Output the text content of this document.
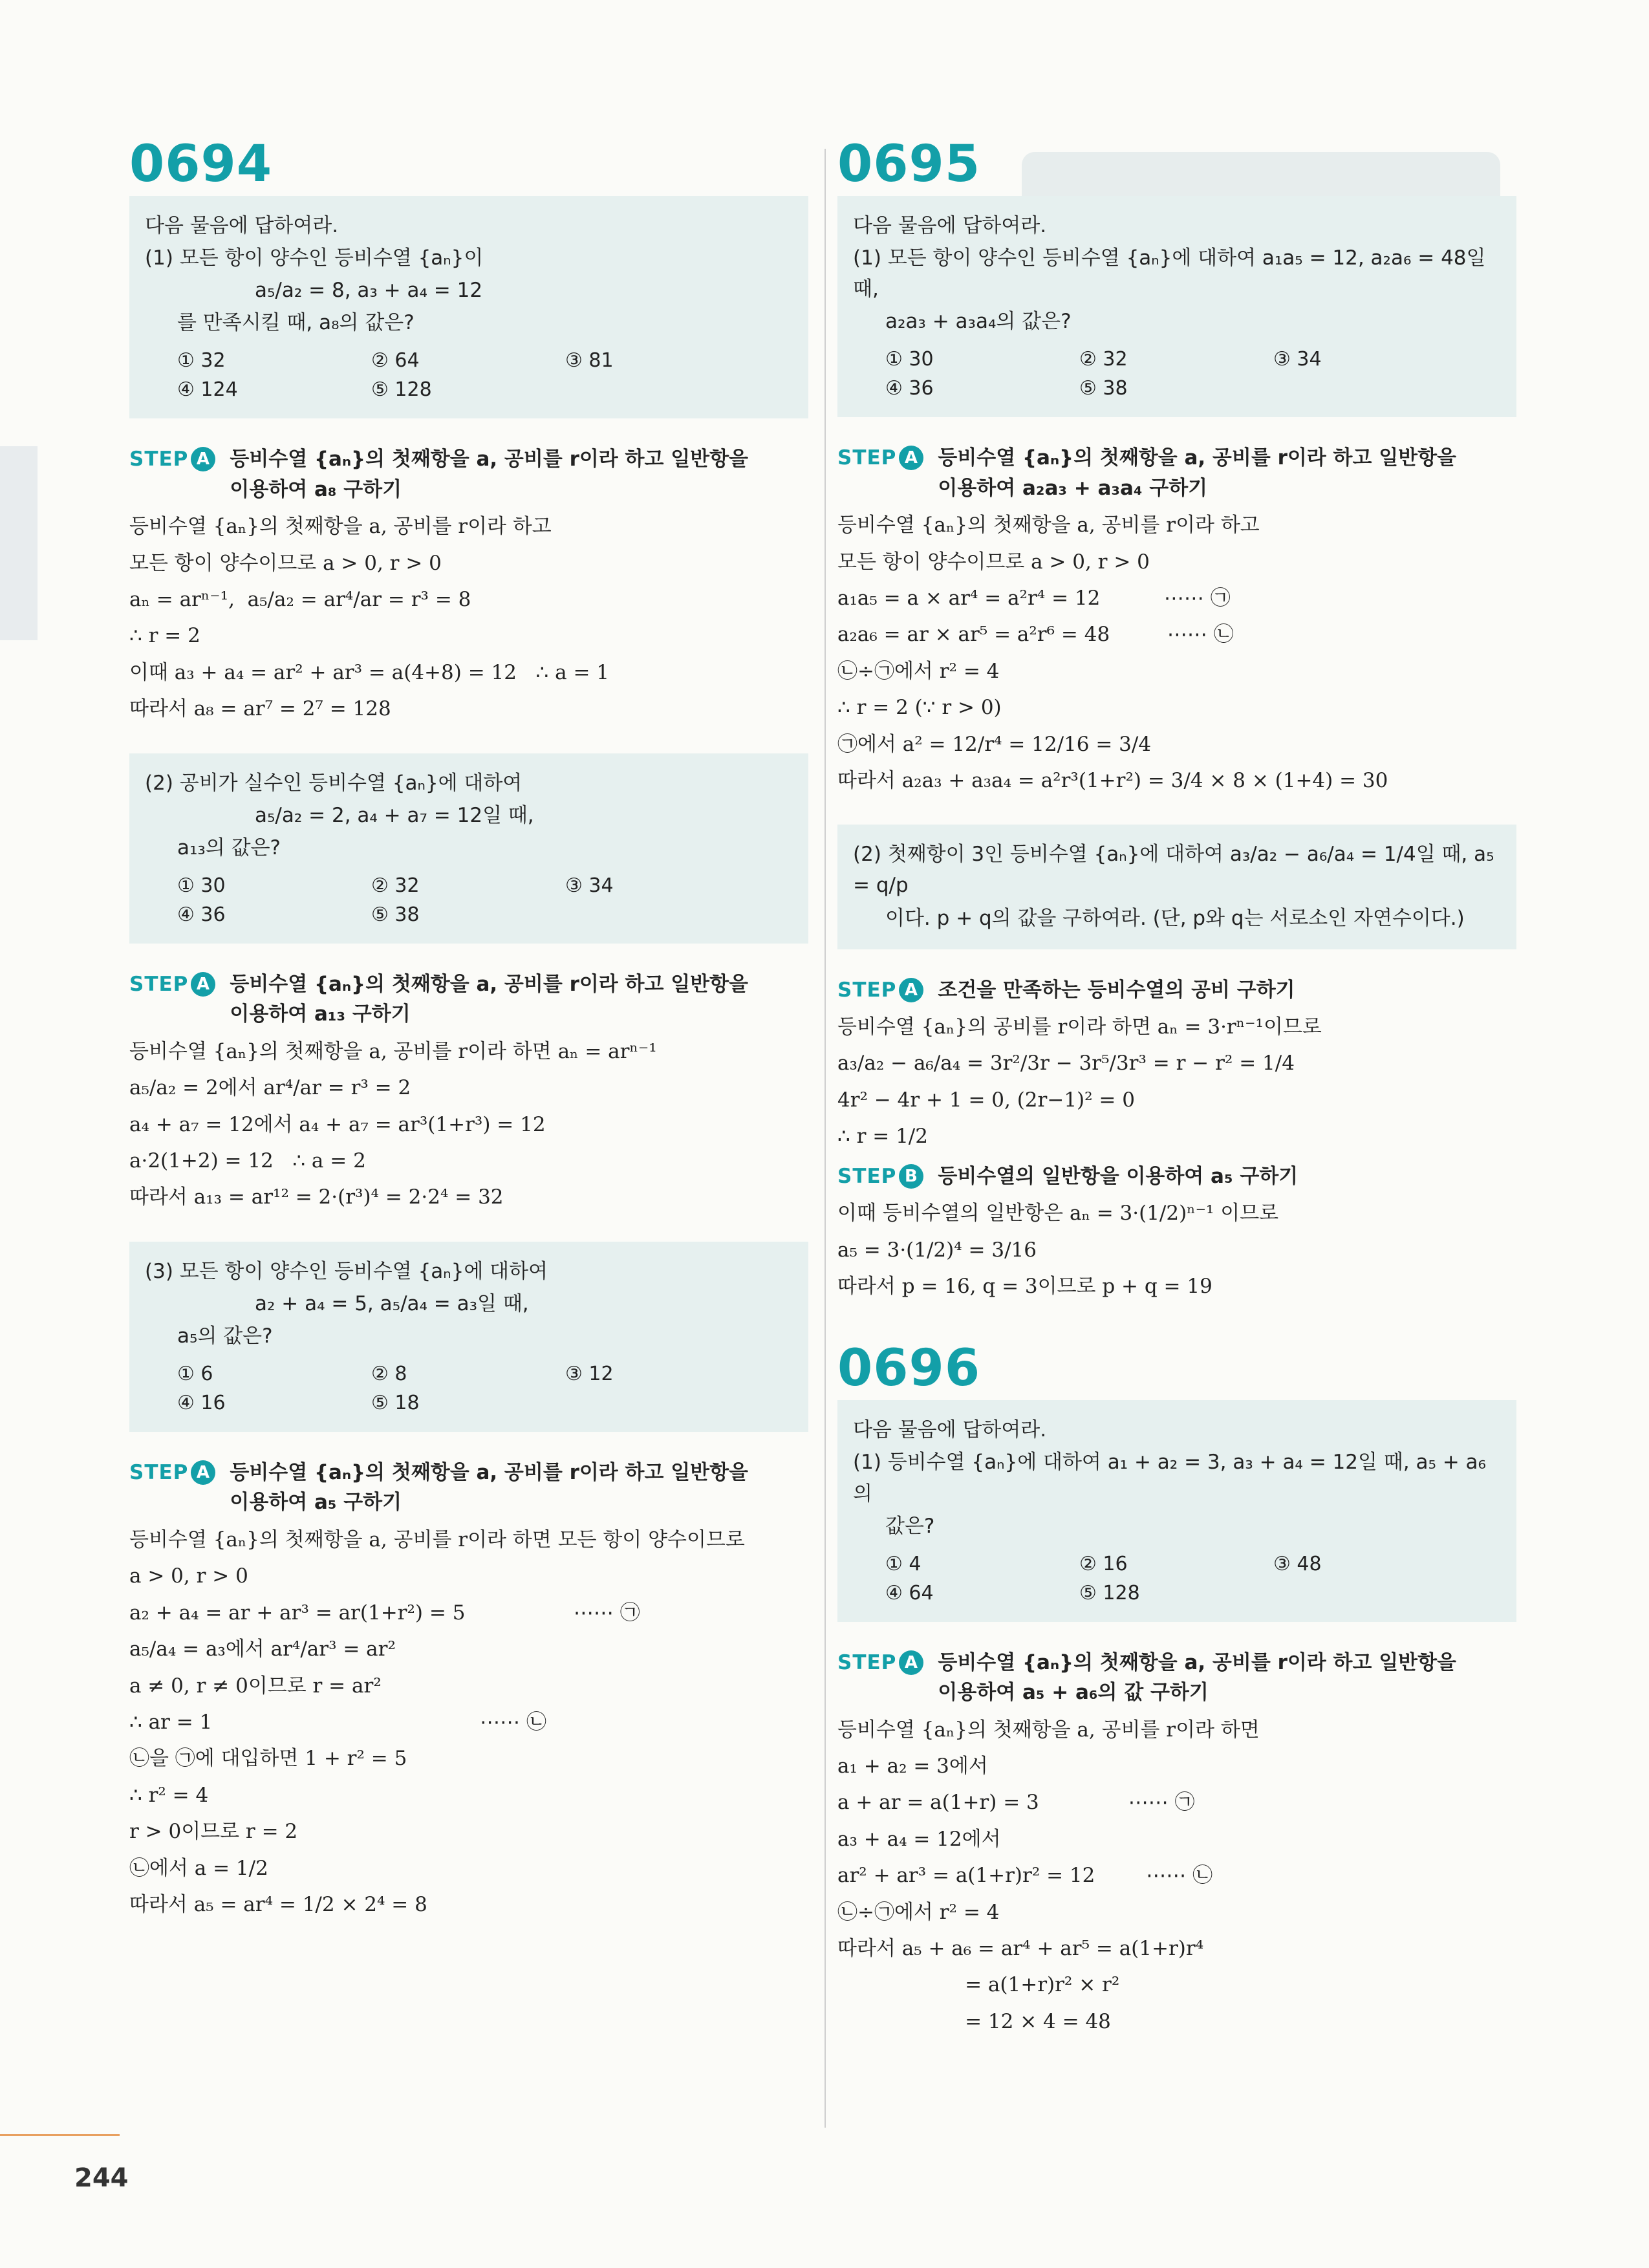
0694
다음 물음에 답하여라.
(1) 모든 항이 양수인 등비수열 {aₙ}이
a₅/a₂ = 8, a₃ + a₄ = 12
를 만족시킬 때, a₈의 값은?
① 32	② 64	③ 81
④ 124	⑤ 128
STEP A 등비수열 {aₙ}의 첫째항을 a, 공비를 r이라 하고 일반항을
이용하여 a₈ 구하기

등비수열 {aₙ}의 첫째항을 a, 공비를 r이라 하고

모든 항이 양수이므로 a > 0, r > 0

aₙ = arⁿ⁻¹,  a₅/a₂ = ar⁴/ar = r³ = 8

∴ r = 2

이때 a₃ + a₄ = ar² + ar³ = a(4+8) = 12   ∴ a = 1

따라서 a₈ = ar⁷ = 2⁷ = 128

(2) 공비가 실수인 등비수열 {aₙ}에 대하여
a₅/a₂ = 2, a₄ + a₇ = 12일 때,
a₁₃의 값은?
① 30	② 32	③ 34
④ 36	⑤ 38
STEP A 등비수열 {aₙ}의 첫째항을 a, 공비를 r이라 하고 일반항을
이용하여 a₁₃ 구하기

등비수열 {aₙ}의 첫째항을 a, 공비를 r이라 하면 aₙ = arⁿ⁻¹

a₅/a₂ = 2에서 ar⁴/ar = r³ = 2

a₄ + a₇ = 12에서 a₄ + a₇ = ar³(1+r³) = 12

a·2(1+2) = 12   ∴ a = 2

따라서 a₁₃ = ar¹² = 2·(r³)⁴ = 2·2⁴ = 32

(3) 모든 항이 양수인 등비수열 {aₙ}에 대하여
a₂ + a₄ = 5, a₅/a₄ = a₃일 때,
a₅의 값은?
① 6	② 8	③ 12
④ 16	⑤ 18
STEP A 등비수열 {aₙ}의 첫째항을 a, 공비를 r이라 하고 일반항을
이용하여 a₅ 구하기

등비수열 {aₙ}의 첫째항을 a, 공비를 r이라 하면 모든 항이 양수이므로

a > 0, r > 0

a₂ + a₄ = ar + ar³ = ar(1+r²) = 5                 ⋯⋯ ㉠

a₅/a₄ = a₃에서 ar⁴/ar³ = ar²

a ≠ 0, r ≠ 0이므로 r = ar²

∴ ar = 1                                          ⋯⋯ ㉡

㉡을 ㉠에 대입하면 1 + r² = 5

∴ r² = 4

r > 0이므로 r = 2

㉡에서 a = 1/2

따라서 a₅ = ar⁴ = 1/2 × 2⁴ = 8

0695
다음 물음에 답하여라.
(1) 모든 항이 양수인 등비수열 {aₙ}에 대하여 a₁a₅ = 12, a₂a₆ = 48일 때,
a₂a₃ + a₃a₄의 값은?
① 30	② 32	③ 34
④ 36	⑤ 38
STEP A 등비수열 {aₙ}의 첫째항을 a, 공비를 r이라 하고 일반항을
이용하여 a₂a₃ + a₃a₄ 구하기

등비수열 {aₙ}의 첫째항을 a, 공비를 r이라 하고

모든 항이 양수이므로 a > 0, r > 0

a₁a₅ = a × ar⁴ = a²r⁴ = 12          ⋯⋯ ㉠

a₂a₆ = ar × ar⁵ = a²r⁶ = 48         ⋯⋯ ㉡

㉡÷㉠에서 r² = 4

∴ r = 2 (∵ r > 0)

㉠에서 a² = 12/r⁴ = 12/16 = 3/4

따라서 a₂a₃ + a₃a₄ = a²r³(1+r²) = 3/4 × 8 × (1+4) = 30

(2) 첫째항이 3인 등비수열 {aₙ}에 대하여 a₃/a₂ − a₆/a₄ = 1/4일 때, a₅ = q/p
이다. p + q의 값을 구하여라. (단, p와 q는 서로소인 자연수이다.)
STEP A 조건을 만족하는 등비수열의 공비 구하기

등비수열 {aₙ}의 공비를 r이라 하면 aₙ = 3·rⁿ⁻¹이므로

a₃/a₂ − a₆/a₄ = 3r²/3r − 3r⁵/3r³ = r − r² = 1/4

4r² − 4r + 1 = 0, (2r−1)² = 0

∴ r = 1/2

STEP B 등비수열의 일반항을 이용하여 a₅ 구하기

이때 등비수열의 일반항은 aₙ = 3·(1/2)ⁿ⁻¹ 이므로

a₅ = 3·(1/2)⁴ = 3/16

따라서 p = 16, q = 3이므로 p + q = 19

0696
다음 물음에 답하여라.
(1) 등비수열 {aₙ}에 대하여 a₁ + a₂ = 3, a₃ + a₄ = 12일 때, a₅ + a₆의
값은?
① 4	② 16	③ 48
④ 64	⑤ 128
STEP A 등비수열 {aₙ}의 첫째항을 a, 공비를 r이라 하고 일반항을
이용하여 a₅ + a₆의 값 구하기

등비수열 {aₙ}의 첫째항을 a, 공비를 r이라 하면

a₁ + a₂ = 3에서

a + ar = a(1+r) = 3              ⋯⋯ ㉠

a₃ + a₄ = 12에서

ar² + ar³ = a(1+r)r² = 12        ⋯⋯ ㉡

㉡÷㉠에서 r² = 4

따라서 a₅ + a₆ = ar⁴ + ar⁵ = a(1+r)r⁴

= a(1+r)r² × r²

= 12 × 4 = 48

244
